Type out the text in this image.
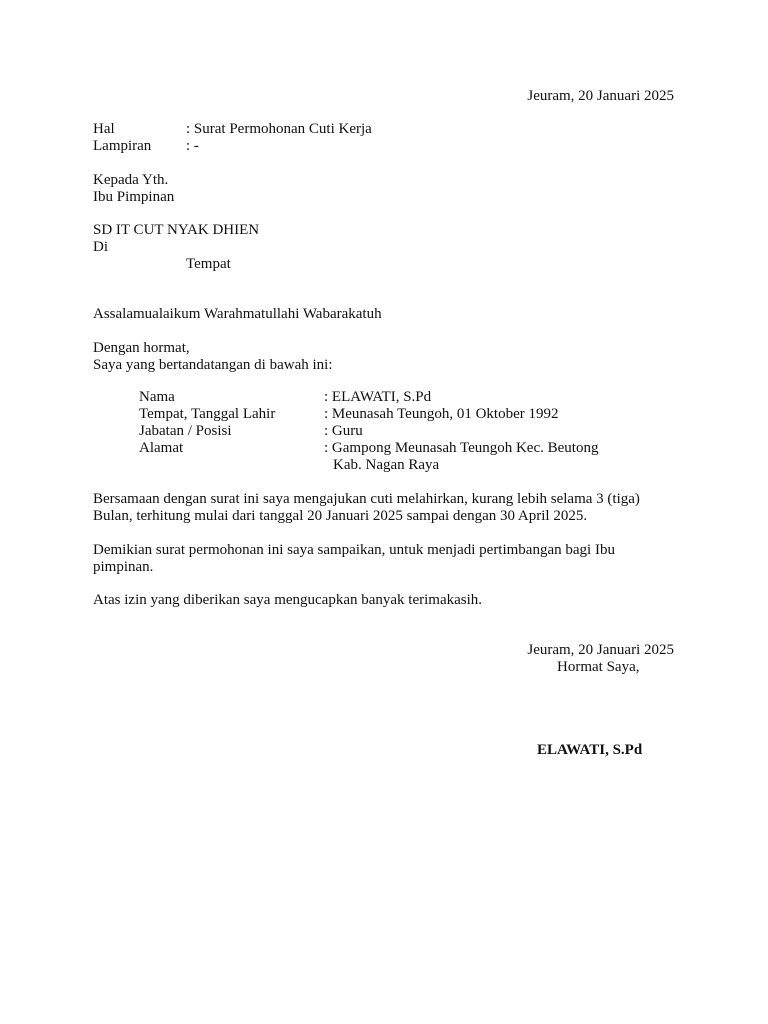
Jeuram, 20 Januari 2025
Hal	: Surat Permohonan Cuti Kerja
Lampiran : -
Kepada Yth.
Ibu Pimpinan
SD IT CUT NYAK DHIEN
Di
Tempat
Assalamualaikum Warahmatullahi Wabarakatuh
Dengan hormat,
Saya yang bertandatangan di bawah ini:
Nama	: ELAWATI, S.Pd
Tempat, Tanggal Lahir	: Meunasah Teungoh, 01 Oktober 1992
Jabatan / Posisi	: Guru
Alamat	: Gampong Meunasah Teungoh Kec. Beutong
Kab. Nagan Raya
Bersamaan dengan surat ini saya mengajukan cuti melahirkan, kurang lebih selama 3 (tiga)
Bulan, terhitung mulai dari tanggal 20 Januari 2025 sampai dengan 30 April 2025.
Demikian surat permohonan ini saya sampaikan, untuk menjadi pertimbangan bagi Ibu
pimpinan.
Atas izin yang diberikan saya mengucapkan banyak terimakasih.
Jeuram, 20 Januari 2025
Hormat Saya,
ELAWATI, S.Pd
